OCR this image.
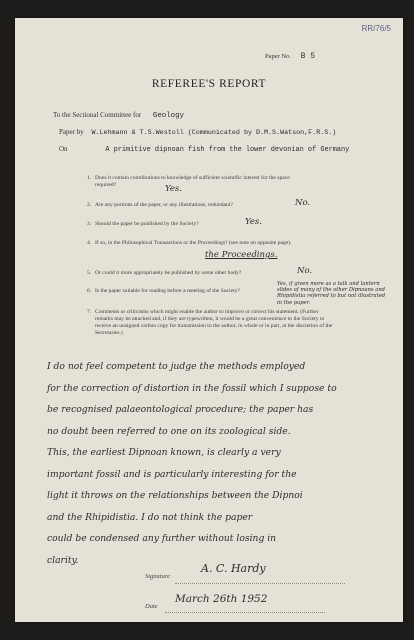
RR/76/5
Paper No. B 5
REFEREE'S REPORT
To the Sectional Committee for Geology
Paper by W.Lehmann & T.S.Westoll (Communicated by D.M.S.Watson,F.R.S.)
On	A primitive dipnoan fish from the lower devonian of Germany
1. Does it contain contributions to knowledge of sufficient scientific interest for the space required?	Yes.
2. Are any portions of the paper, or any illustrations, redundant?	No.
3. Should the paper be published by the Society?	Yes.
4. If so, in the Philosophical Transactions or the Proceedings? (see note on opposite page).
the Proceedings.
5. Or could it more appropriately be published by some other body?	No.
6. Is the paper suitable for reading before a meeting of the Society?
Yes, if given more as a talk and lantern slides of many of the other Dipnoans and Rhipidistia referred to but not illustrated in the paper.
7. Comments or criticisms which might enable the author to improve or correct his statement. (Further remarks may be attached and, if they are typewritten, it would be a great convenience to the Society to receive an unsigned carbon copy for transmission to the author, in whole or in part, at the discretion of the Secretaries.)
I do not feel competent to judge the methods employed
for the correction of distortion in the fossil which I suppose to
be recognised palaeontological procedure; the paper has
no doubt been referred to one on its zoological side.
This, the earliest Dipnoan known, is clearly a very
important fossil and is particularly interesting for the
light it throws on the relationships between the Dipnoi
and the Rhipidistia. I do not think the paper
could be condensed any further without losing in
clarity.
Signature
A. C. Hardy
Date
March 26th 1952
